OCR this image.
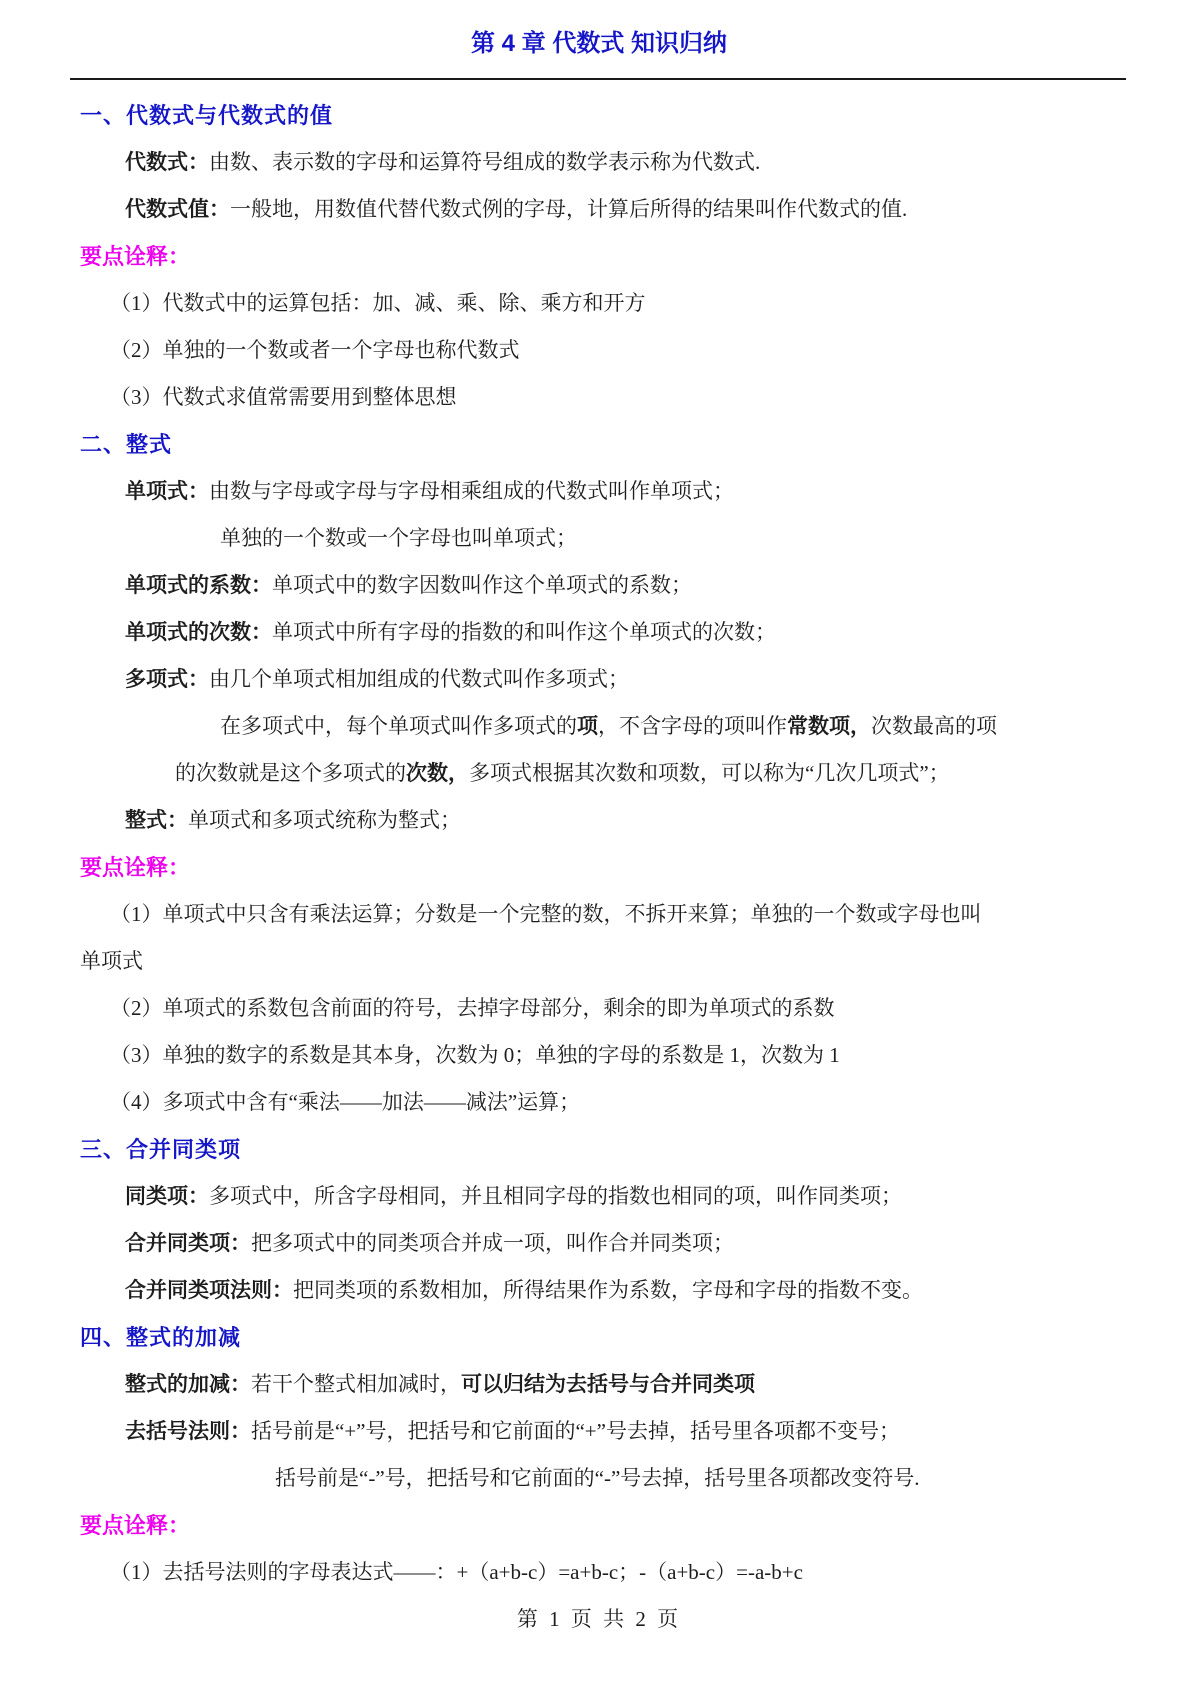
第 4 章 代数式 知识归纳
一、代数式与代数式的值
代数式：由数、表示数的字母和运算符号组成的数学表示称为代数式.
代数式值：一般地，用数值代替代数式例的字母，计算后所得的结果叫作代数式的值.
要点诠释：
（1）代数式中的运算包括：加、减、乘、除、乘方和开方
（2）单独的一个数或者一个字母也称代数式
（3）代数式求值常需要用到整体思想
二、整式
单项式：由数与字母或字母与字母相乘组成的代数式叫作单项式；
单独的一个数或一个字母也叫单项式；
单项式的系数：单项式中的数字因数叫作这个单项式的系数；
单项式的次数：单项式中所有字母的指数的和叫作这个单项式的次数；
多项式：由几个单项式相加组成的代数式叫作多项式；
在多项式中，每个单项式叫作多项式的项，不含字母的项叫作常数项，次数最高的项
的次数就是这个多项式的次数，多项式根据其次数和项数，可以称为“几次几项式”；
整式：单项式和多项式统称为整式；
要点诠释：
（1）单项式中只含有乘法运算；分数是一个完整的数，不拆开来算；单独的一个数或字母也叫
单项式
（2）单项式的系数包含前面的符号，去掉字母部分，剩余的即为单项式的系数
（3）单独的数字的系数是其本身，次数为 0；单独的字母的系数是 1，次数为 1
（4）多项式中含有“乘法——加法——减法”运算；
三、合并同类项
同类项：多项式中，所含字母相同，并且相同字母的指数也相同的项，叫作同类项；
合并同类项：把多项式中的同类项合并成一项，叫作合并同类项；
合并同类项法则：把同类项的系数相加，所得结果作为系数，字母和字母的指数不变。
四、整式的加减
整式的加减：若干个整式相加减时，可以归结为去括号与合并同类项
去括号法则：括号前是“+”号，把括号和它前面的“+”号去掉，括号里各项都不变号；
括号前是“-”号，把括号和它前面的“-”号去掉，括号里各项都改变符号.
要点诠释：
（1）去括号法则的字母表达式——：+（a+b-c）=a+b-c；-（a+b-c）=-a-b+c
第 1 页 共 2 页
